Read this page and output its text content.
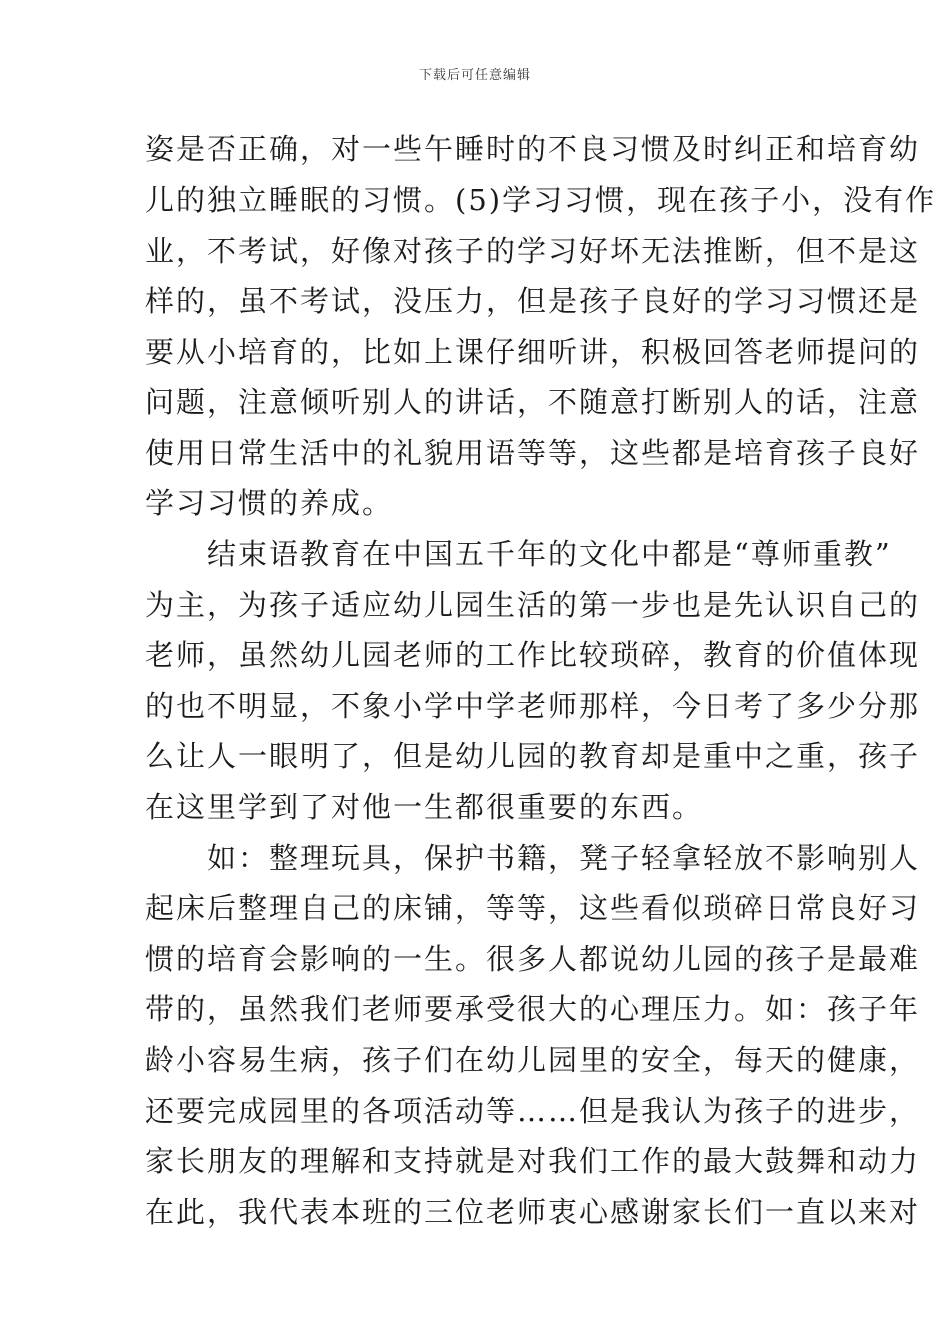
下载后可任意编辑
姿是否正确，对一些午睡时的不良习惯及时纠正和培育幼
儿的独立睡眠的习惯。(5)学习习惯，现在孩子小，没有作
业，不考试，好像对孩子的学习好坏无法推断，但不是这
样的，虽不考试，没压力，但是孩子良好的学习习惯还是
要从小培育的，比如上课仔细听讲，积极回答老师提问的
问题，注意倾听别人的讲话，不随意打断别人的话，注意
使用日常生活中的礼貌用语等等，这些都是培育孩子良好
学习习惯的养成。
　　结束语教育在中国五千年的文化中都是“尊师重教”
为主，为孩子适应幼儿园生活的第一步也是先认识自己的
老师，虽然幼儿园老师的工作比较琐碎，教育的价值体现
的也不明显，不象小学中学老师那样，今日考了多少分那
么让人一眼明了，但是幼儿园的教育却是重中之重，孩子
在这里学到了对他一生都很重要的东西。
　　如：整理玩具，保护书籍，凳子轻拿轻放不影响别人
起床后整理自己的床铺，等等，这些看似琐碎日常良好习
惯的培育会影响的一生。很多人都说幼儿园的孩子是最难
带的，虽然我们老师要承受很大的心理压力。如：孩子年
龄小容易生病，孩子们在幼儿园里的安全，每天的健康，
还要完成园里的各项活动等……但是我认为孩子的进步，
家长朋友的理解和支持就是对我们工作的最大鼓舞和动力
在此，我代表本班的三位老师衷心感谢家长们一直以来对
